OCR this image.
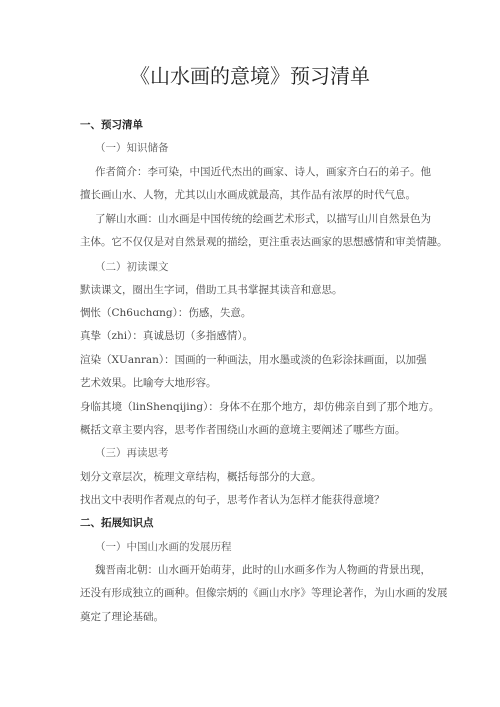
《山水画的意境》预习清单
一、预习清单
（一）知识储备
作者简介：李可染，中国近代杰出的画家、诗人，画家齐白石的弟子。他
擅长画山水、人物，尤其以山水画成就最高，其作品有浓厚的时代气息。
了解山水画：山水画是中国传统的绘画艺术形式，以描写山川自然景色为
主体。它不仅仅是对自然景观的描绘，更注重表达画家的思想感情和审美情趣。
（二）初读课文
默读课文，圈出生字词，借助工具书掌握其读音和意思。
惆怅（Ch6uchɑng）：伤感，失意。
真挚（zhi）：真诚恳切（多指感情）。
渲染（XUanran）：国画的一种画法，用水墨或淡的色彩涂抹画面，以加强
艺术效果。比喻夸大地形容。
身临其境（linShenqijing）：身体不在那个地方，却仿佛亲自到了那个地方。
概括文章主要内容，思考作者围绕山水画的意境主要阐述了哪些方面。
（三）再读思考
划分文章层次，梳理文章结构，概括每部分的大意。
找出文中表明作者观点的句子，思考作者认为怎样才能获得意境？
二、拓展知识点
（一）中国山水画的发展历程
魏晋南北朝：山水画开始萌芽，此时的山水画多作为人物画的背景出现，
还没有形成独立的画种。但像宗炳的《画山水序》等理论著作，为山水画的发展
奠定了理论基础。
